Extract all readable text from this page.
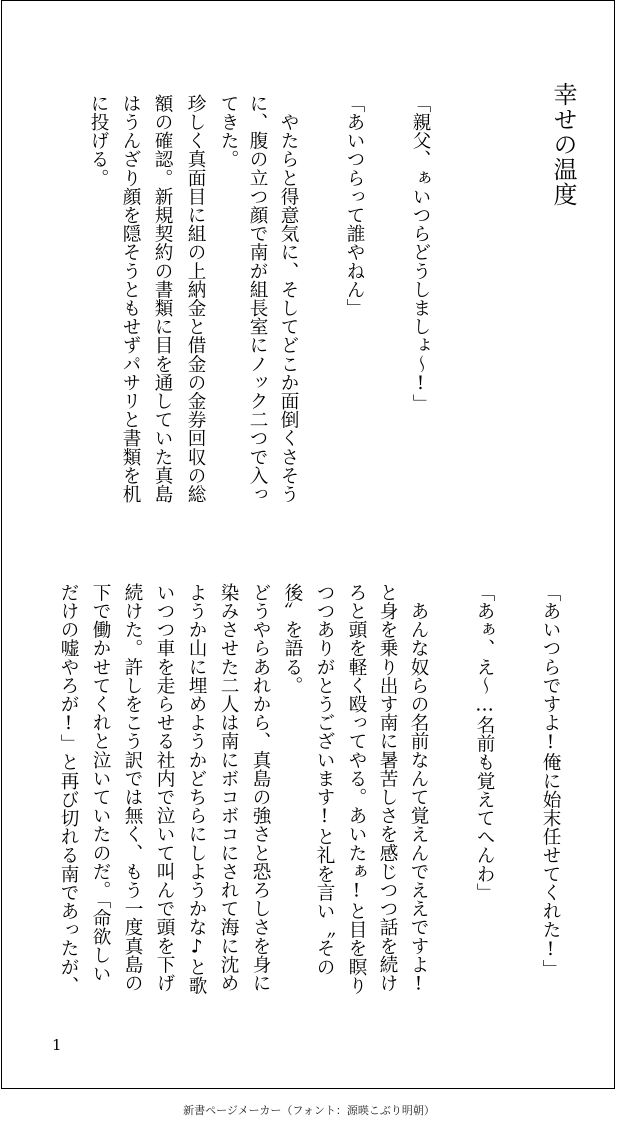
幸せの温度
「親父、ぁいつらどうしましょ〜!」
「あいつらって誰やねん」
　やたらと得意気に、そしてどこか面倒くさそう
に、腹の立つ顔で南が組長室にノック二つで入っ
てきた。
珍しく真面目に組の上納金と借金の金券回収の総
額の確認。新規契約の書類に目を通していた真島
はうんざり顔を隠そうともせずパサリと書類を机
に投げる。
「あいつらですよ!俺に始末任せてくれた!」
「あぁ、え〜…名前も覚えてへんわ」
　あんな奴らの名前なんて覚えんでええですよ!
と身を乗り出す南に暑苦しさを感じつつ話を続け
ろと頭を軽く殴ってやる。あいたぁ!と目を瞑り
つつありがとうございます!と礼を言い〝その
後〟を語る。
どうやらあれから、真島の強さと恐ろしさを身に
染みさせた二人は南にボコボコにされて海に沈め
ようか山に埋めようかどちらにしようかな♪と歌
いつつ車を走らせる社内で泣いて叫んで頭を下げ
続けた。許しをこう訳では無く、もう一度真島の
下で働かせてくれと泣いていたのだ。「命欲しい
だけの嘘やろが!」と再び切れる南であったが、
1
新書ページメーカー（フォント：源暎こぶり明朝）
